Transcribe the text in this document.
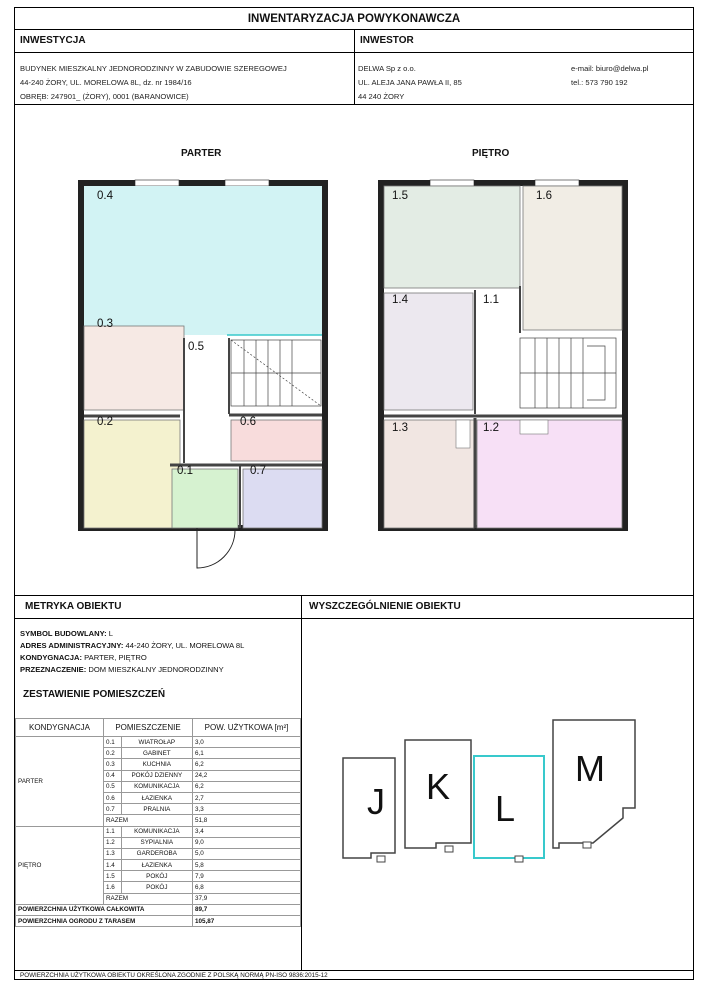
INWENTARYZACJA POWYKONAWCZA
INWESTYCJA	INWESTOR
BUDYNEK MIESZKALNY JEDNORODZINNY W ZABUDOWIE SZEREGOWEJ
44-240 ŻORY, UL. MORELOWA 8L, dz. nr 1984/16
OBRĘB: 247901_ (ŻORY), 0001 (BARANOWICE)
DELWA Sp z o.o.
UL. ALEJA JANA PAWŁA II, 85
44 240 ŻORY
e-mail: biuro@delwa.pl
tel.: 573 790 192
PARTER	PIĘTRO
0.4
0.3
0.5
0.2	0.6
0.1	0.7
1.5	1.6
1.4	1.1
1.3	1.2
METRYKA OBIEKTU	WYSZCZEGÓLNIENIE OBIEKTU
SYMBOL BUDOWLANY: L
ADRES ADMINISTRACYJNY: 44-240 ŻORY, UL. MORELOWA 8L
KONDYGNACJA: PARTER, PIĘTRO
PRZEZNACZENIE: DOM MIESZKALNY JEDNORODZINNY
ZESTAWIENIE POMIESZCZEŃ
KONDYGNACJA	POMIESZCZENIE		POW. UŻYTKOWA [m²]
PARTER	0.1	WIATROŁAP	3,0
	0.2	GABINET	6,1
	0.3	KUCHNIA	6,2
	0.4	POKÓJ DZIENNY	24,2
	0.5	KOMUNIKACJA	6,2
	0.6	ŁAZIENKA	2,7
	0.7	PRALNIA	3,3
	RAZEM		51,8
PIĘTRO	1.1	KOMUNIKACJA	3,4
	1.2	SYPIALNIA	9,0
	1.3	GARDEROBA	5,0
	1.4	ŁAZIENKA	5,8
	1.5	POKÓJ	7,9
	1.6	POKÓJ	6,8
	RAZEM		37,9
POWIERZCHNIA UŻYTKOWA CAŁKOWITA			89,7
POWIERZCHNIA OGRODU Z TARASEM			105,87
J K
L
M
POWIERZCHNIA UŻYTKOWA OBIEKTU OKREŚLONA ZGODNIE Z POLSKĄ NORMĄ PN-ISO 9836:2015-12
